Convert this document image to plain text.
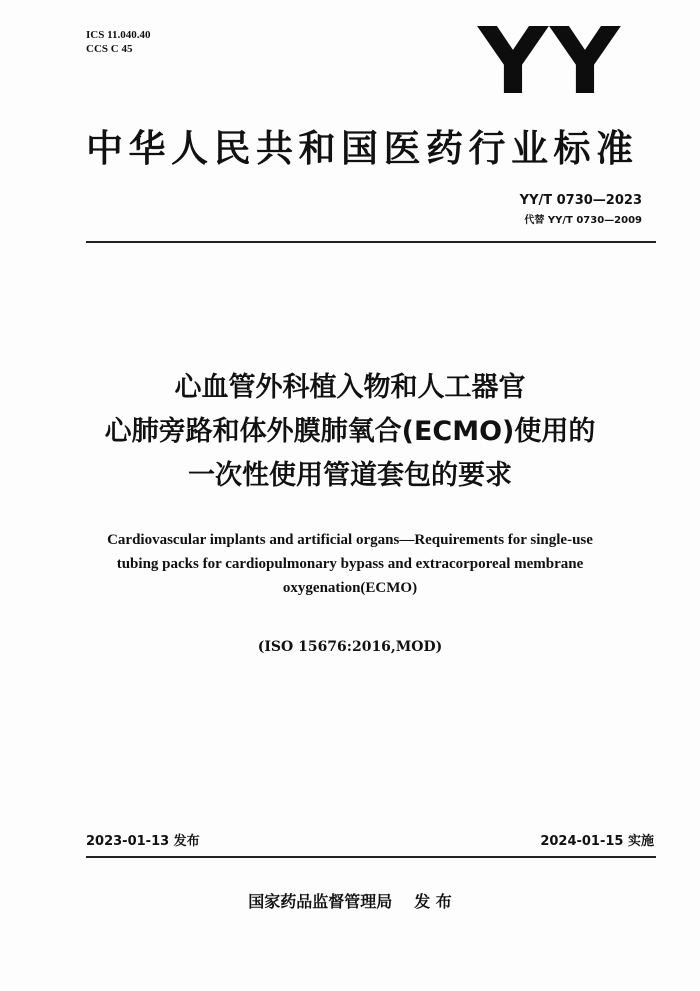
ICS 11.040.40
CCS C 45	YY
中华人民共和国医药行业标准
YY/T 0730—2023
代替 YY/T 0730—2009
心血管外科植入物和人工器官
心肺旁路和体外膜肺氧合(ECMO)使用的
一次性使用管道套包的要求
Cardiovascular implants and artificial organs—Requirements for single-use
tubing packs for cardiopulmonary bypass and extracorporeal membrane
oxygenation(ECMO)
(ISO 15676:2016,MOD)
2023-01-13 发布	2024-01-15 实施
国家药品监督管理局 发 布
